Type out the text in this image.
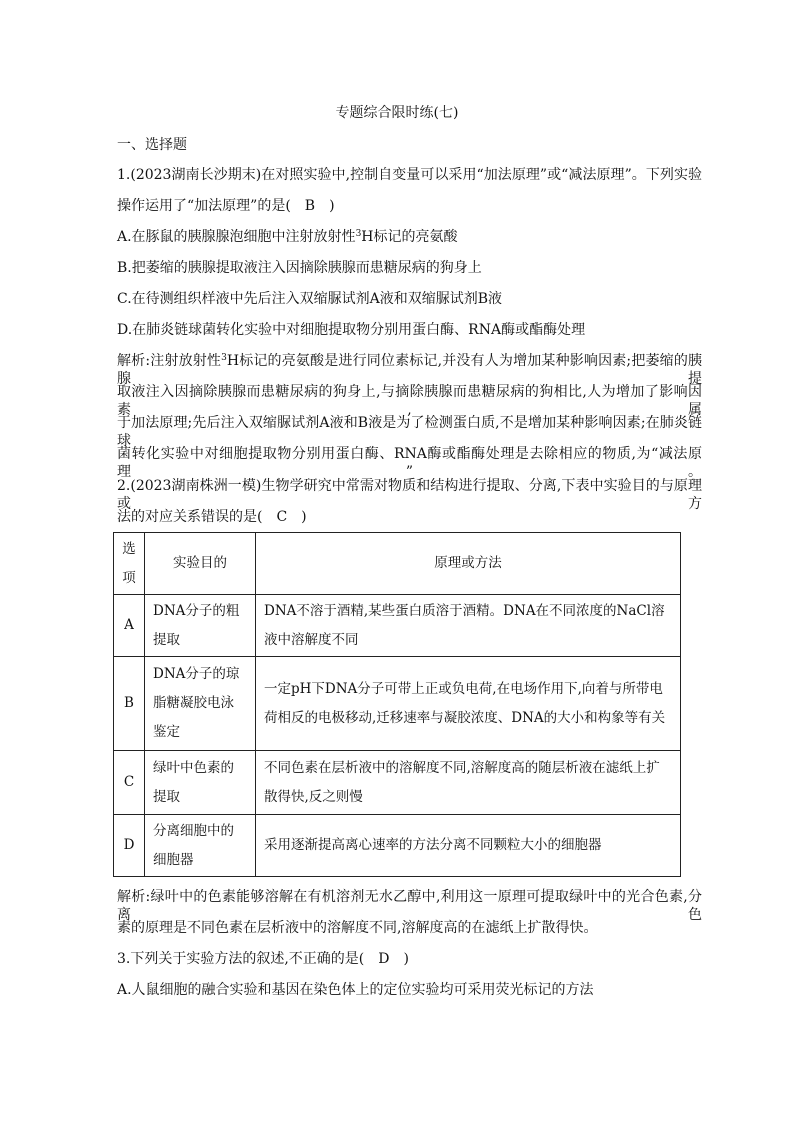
专题综合限时练(七)
一、选择题
1.(2023湖南长沙期末)在对照实验中,控制自变量可以采用“加法原理”或“减法原理”。下列实验
操作运用了“加法原理”的是(　B　)
A.在豚鼠的胰腺腺泡细胞中注射放射性$^3$H标记的亮氨酸
B.把萎缩的胰腺提取液注入因摘除胰腺而患糖尿病的狗身上
C.在待测组织样液中先后注入双缩脲试剂A液和双缩脲试剂B液
D.在肺炎链球菌转化实验中对细胞提取物分别用蛋白酶、RNA酶或酯酶处理
解析:注射放射性$^3$H标记的亮氨酸是进行同位素标记,并没有人为增加某种影响因素;把萎缩的胰腺提
取液注入因摘除胰腺而患糖尿病的狗身上,与摘除胰腺而患糖尿病的狗相比,人为增加了影响因素,属
于加法原理;先后注入双缩脲试剂A液和B液是为了检测蛋白质,不是增加某种影响因素;在肺炎链球
菌转化实验中对细胞提取物分别用蛋白酶、RNA酶或酯酶处理是去除相应的物质,为“减法原理”。
2.(2023湖南株洲一模)生物学研究中常需对物质和结构进行提取、分离,下表中实验目的与原理或方
法的对应关系错误的是(　C　)
选项	实验目的	原理或方法
A	DNA分子的粗提取	DNA不溶于酒精,某些蛋白质溶于酒精。DNA在不同浓度的NaCl溶液中溶解度不同
B	DNA分子的琼脂糖凝胶电泳鉴定	一定pH下DNA分子可带上正或负电荷,在电场作用下,向着与所带电荷相反的电极移动,迁移速率与凝胶浓度、DNA的大小和构象等有关
C	绿叶中色素的提取	不同色素在层析液中的溶解度不同,溶解度高的随层析液在滤纸上扩散得快,反之则慢
D	分离细胞中的细胞器	采用逐渐提高离心速率的方法分离不同颗粒大小的细胞器
解析:绿叶中的色素能够溶解在有机溶剂无水乙醇中,利用这一原理可提取绿叶中的光合色素,分离色
素的原理是不同色素在层析液中的溶解度不同,溶解度高的在滤纸上扩散得快。
3.下列关于实验方法的叙述,不正确的是(　D　)
A.人鼠细胞的融合实验和基因在染色体上的定位实验均可采用荧光标记的方法
